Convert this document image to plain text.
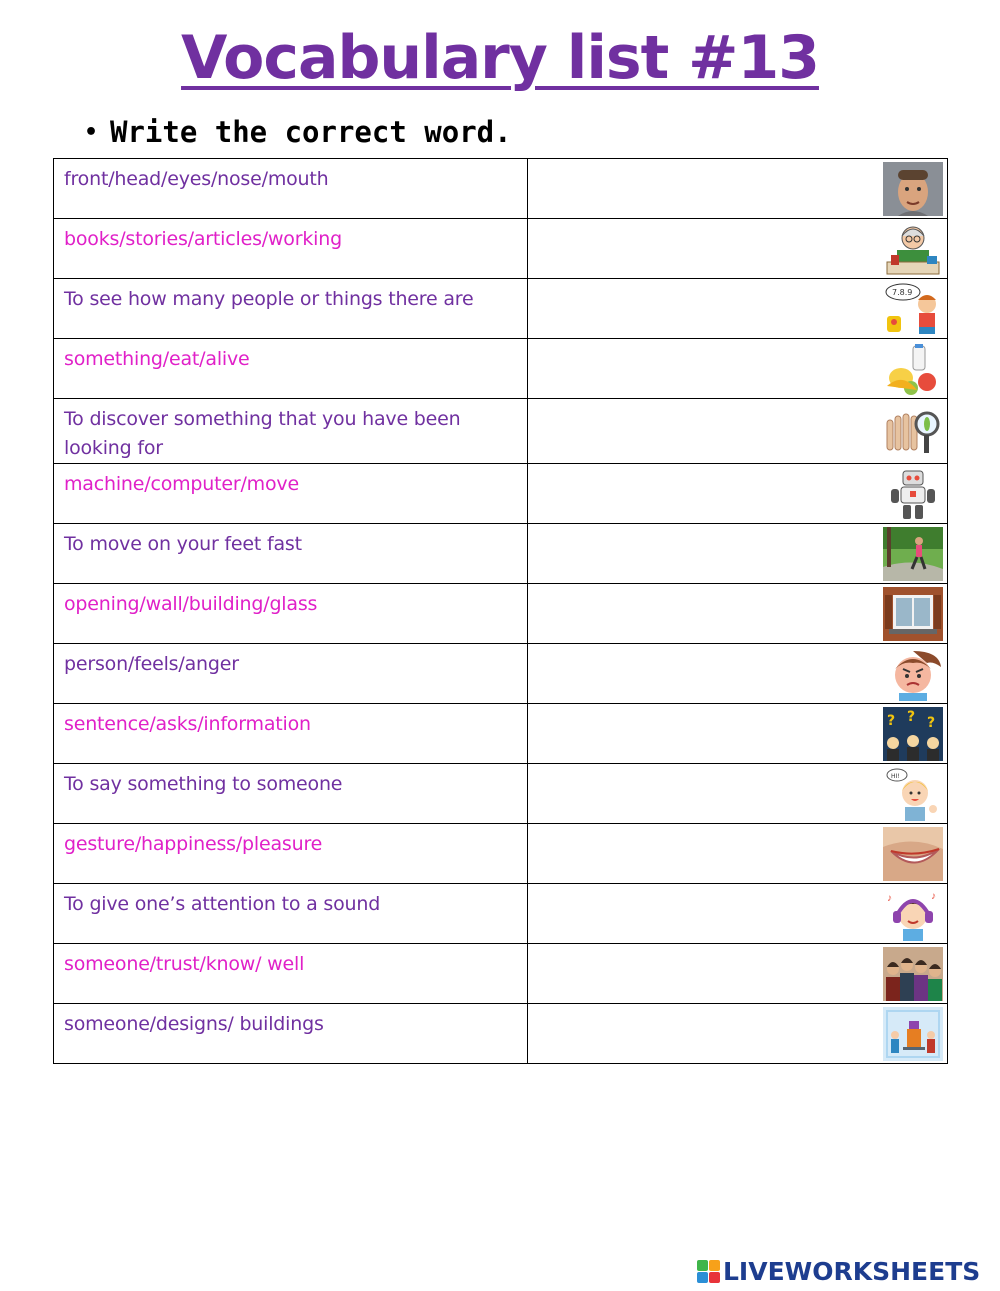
Vocabulary list #13
• Write the correct word.
front/head/eyes/nose/mouth

books/stories/articles/working

To see how many people or things there are	7.8.9

something/eat/alive

To discover something that you have been looking for

machine/computer/move

To move on your feet fast

opening/wall/building/glass

person/feels/anger

sentence/asks/information	? ? ?

To say something to someone	HI!

gesture/happiness/pleasure

To give one’s attention to a sound	♪
♪

someone/trust/know/ well

someone/designs/ buildings

LIVEWORKSHEETS
